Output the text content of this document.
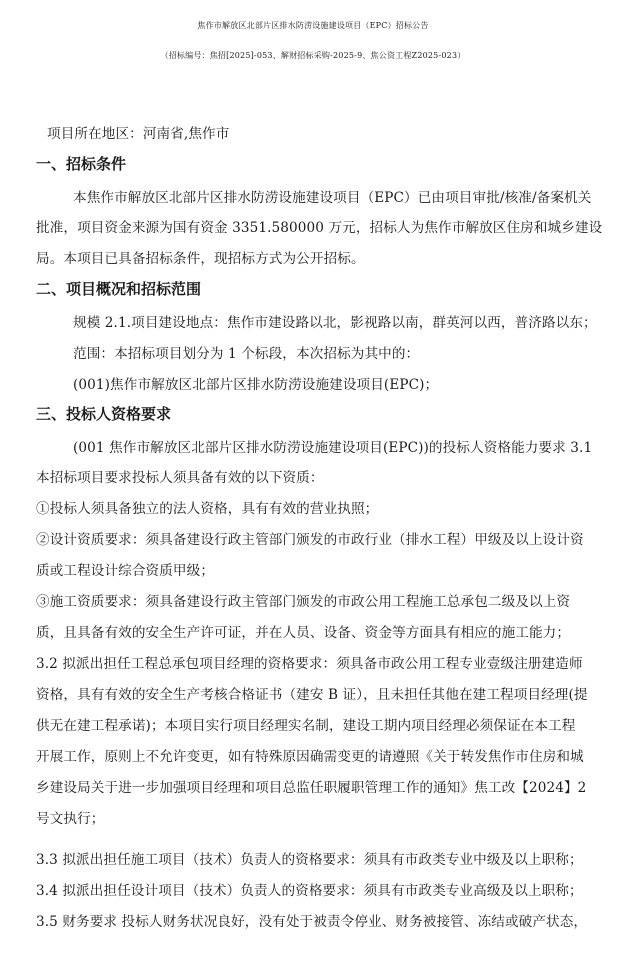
焦作市解放区北部片区排水防涝设施建设项目（EPC）招标公告
（招标编号：焦招[2025]-053、解财招标采购-2025-9、焦公资工程Z2025-023）
项目所在地区：河南省,焦作市
一、招标条件
本焦作市解放区北部片区排水防涝设施建设项目（EPC）已由项目审批/核准/备案机关
批准，项目资金来源为国有资金 3351.580000 万元，招标人为焦作市解放区住房和城乡建设
局。本项目已具备招标条件，现招标方式为公开招标。
二、项目概况和招标范围
规模 2.1.项目建设地点：焦作市建设路以北，影视路以南，群英河以西，普济路以东；
范围：本招标项目划分为 1 个标段，本次招标为其中的：
(001)焦作市解放区北部片区排水防涝设施建设项目(EPC)；
三、投标人资格要求
(001 焦作市解放区北部片区排水防涝设施建设项目(EPC))的投标人资格能力要求 3.1
本招标项目要求投标人须具备有效的以下资质：
①投标人须具备独立的法人资格，具有有效的营业执照；
②设计资质要求：须具备建设行政主管部门颁发的市政行业（排水工程）甲级及以上设计资
质或工程设计综合资质甲级；
③施工资质要求：须具备建设行政主管部门颁发的市政公用工程施工总承包二级及以上资
质，且具备有效的安全生产许可证，并在人员、设备、资金等方面具有相应的施工能力；
3.2 拟派出担任工程总承包项目经理的资格要求：须具备市政公用工程专业壹级注册建造师
资格，具有有效的安全生产考核合格证书（建安 B 证），且未担任其他在建工程项目经理(提
供无在建工程承诺)；本项目实行项目经理实名制，建设工期内项目经理必须保证在本工程
开展工作，原则上不允许变更，如有特殊原因确需变更的请遵照《关于转发焦作市住房和城
乡建设局关于进一步加强项目经理和项目总监任职履职管理工作的通知》焦工改【2024】2
号文执行；
3.3 拟派出担任施工项目（技术）负责人的资格要求：须具有市政类专业中级及以上职称；
3.4 拟派出担任设计项目（技术）负责人的资格要求：须具有市政类专业高级及以上职称；
3.5 财务要求 投标人财务状况良好，没有处于被责令停业、财务被接管、冻结或破产状态，
